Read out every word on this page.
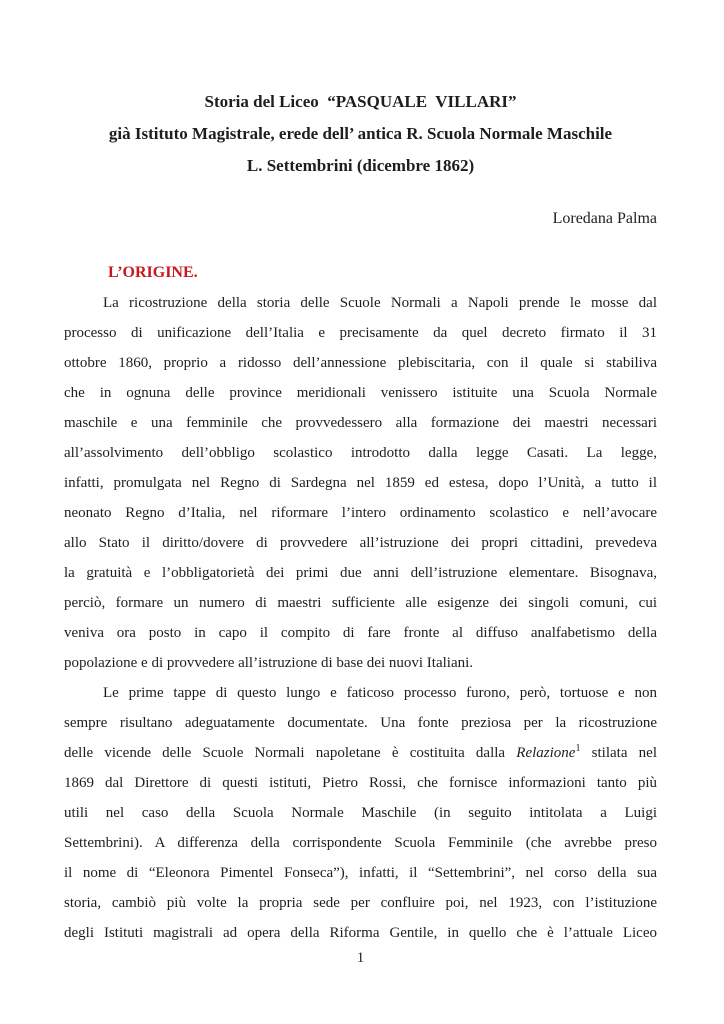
Storia del Liceo  “PASQUALE  VILLARI”
già Istituto Magistrale, erede dell’ antica R. Scuola Normale Maschile
L. Settembrini (dicembre 1862)
Loredana Palma
L’ORIGINE.
La ricostruzione della storia delle Scuole Normali a Napoli prende le mosse dal
processo di unificazione dell’Italia e precisamente da quel decreto firmato il 31
ottobre 1860, proprio a ridosso dell’annessione plebiscitaria, con il quale si stabiliva
che in ognuna delle province meridionali venissero istituite una Scuola Normale
maschile e una femminile che provvedessero alla formazione dei maestri necessari
all’assolvimento dell’obbligo scolastico introdotto dalla legge Casati. La legge,
infatti, promulgata nel Regno di Sardegna nel 1859 ed estesa, dopo l’Unità, a tutto il
neonato Regno d’Italia, nel riformare l’intero ordinamento scolastico e nell’avocare
allo Stato il diritto/dovere di provvedere all’istruzione dei propri cittadini, prevedeva
la gratuità e l’obbligatorietà dei primi due anni dell’istruzione elementare. Bisognava,
perciò, formare un numero di maestri sufficiente alle esigenze dei singoli comuni, cui
veniva ora posto in capo il compito di fare fronte al diffuso analfabetismo della
popolazione e di provvedere all’istruzione di base dei nuovi Italiani.
Le prime tappe di questo lungo e faticoso processo furono, però, tortuose e non
sempre risultano adeguatamente documentate. Una fonte preziosa per la ricostruzione
delle vicende delle Scuole Normali napoletane è costituita dalla Relazione$^1$ stilata nel
1869 dal Direttore di questi istituti, Pietro Rossi, che fornisce informazioni tanto più
utili nel caso della Scuola Normale Maschile (in seguito intitolata a Luigi
Settembrini). A differenza della corrispondente Scuola Femminile (che avrebbe preso
il nome di “Eleonora Pimentel Fonseca”), infatti, il “Settembrini”, nel corso della sua
storia, cambiò più volte la propria sede per confluire poi, nel 1923, con l’istituzione
degli Istituti magistrali ad opera della Riforma Gentile, in quello che è l’attuale Liceo
1
